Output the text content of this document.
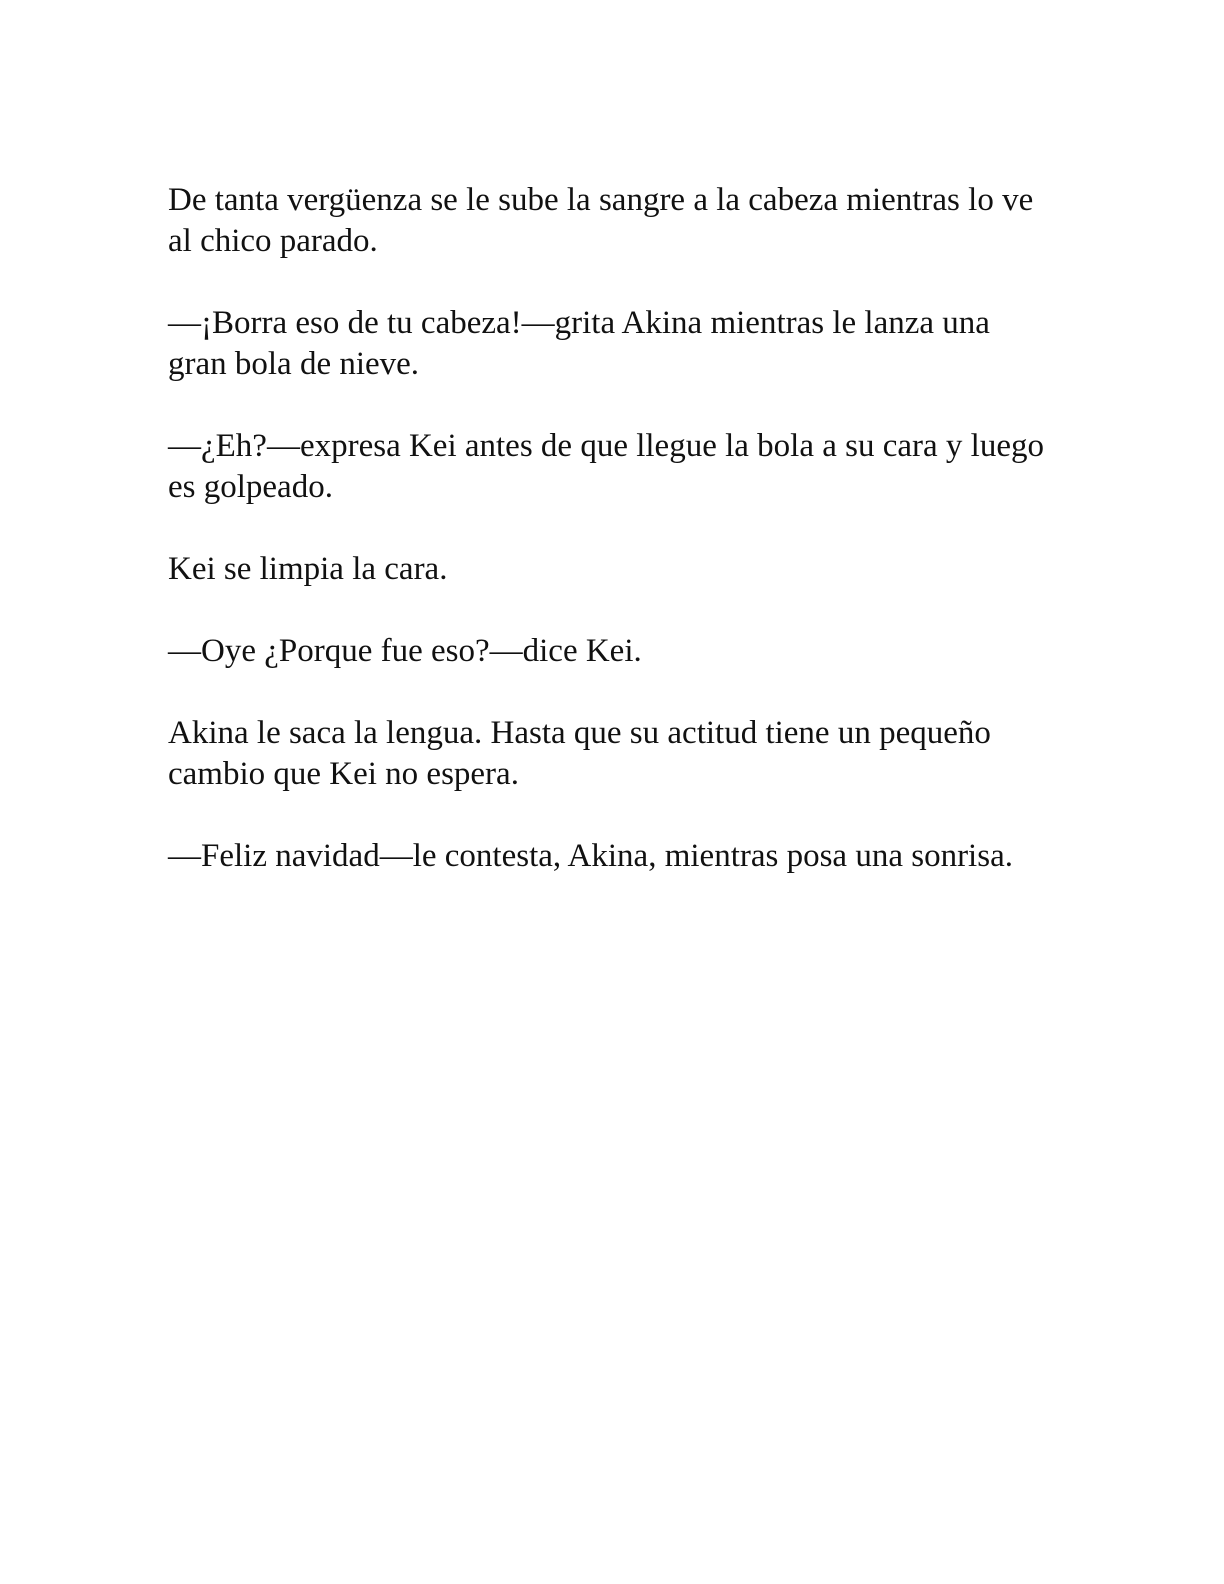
De tanta vergüenza se le sube la sangre a la cabeza mientras lo ve al chico parado.

—¡Borra eso de tu cabeza!—grita Akina mientras le lanza una gran bola de nieve.

—¿Eh?—expresa Kei antes de que llegue la bola a su cara y luego es golpeado.

Kei se limpia la cara.

—Oye ¿Porque fue eso?—dice Kei.

Akina le saca la lengua. Hasta que su actitud tiene un pequeño cambio que Kei no espera.

—Feliz navidad—le contesta, Akina, mientras posa una sonrisa.
